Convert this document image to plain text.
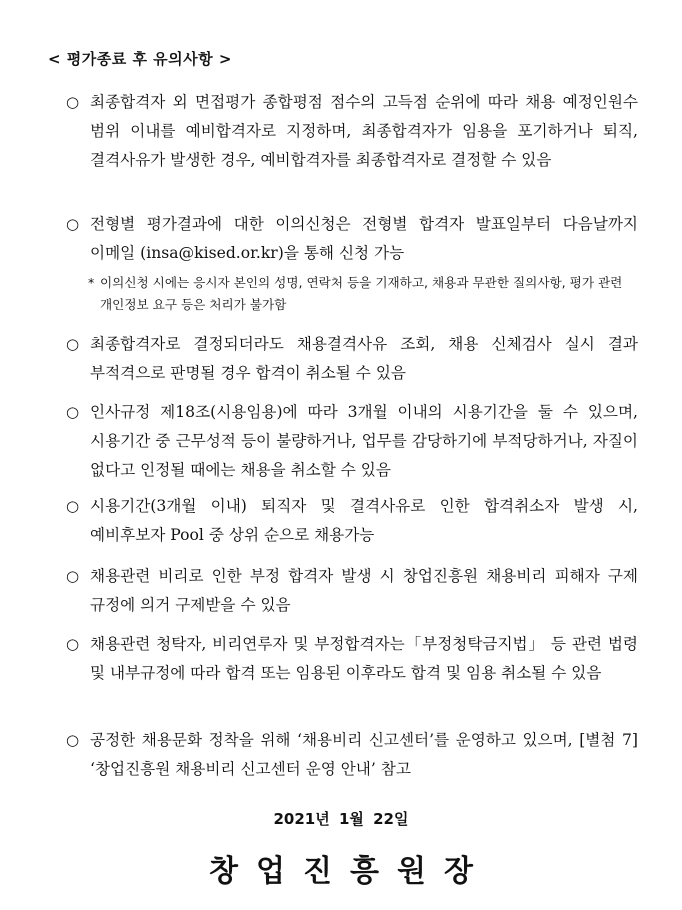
< 평가종료 후 유의사항 >
○ 최종합격자 외 면접평가 종합평점 점수의 고득점 순위에 따라 채용 예정인원수 범위 이내를 예비합격자로 지정하며, 최종합격자가 임용을 포기하거나 퇴직, 결격사유가 발생한 경우, 예비합격자를 최종합격자로 결정할 수 있음
○ 전형별 평가결과에 대한 이의신청은 전형별 합격자 발표일부터 다음날까지 이메일 (insa@kised.or.kr)을 통해 신청 가능
* 이의신청 시에는 응시자 본인의 성명, 연락처 등을 기재하고, 채용과 무관한 질의사항, 평가 관련 개인정보 요구 등은 처리가 불가함
○ 최종합격자로 결정되더라도 채용결격사유 조회, 채용 신체검사 실시 결과 부적격으로 판명될 경우 합격이 취소될 수 있음
○ 인사규정 제18조(시용임용)에 따라 3개월 이내의 시용기간을 둘 수 있으며, 시용기간 중 근무성적 등이 불량하거나, 업무를 감당하기에 부적당하거나, 자질이 없다고 인정될 때에는 채용을 취소할 수 있음
○ 시용기간(3개월 이내) 퇴직자 및 결격사유로 인한 합격취소자 발생 시, 예비후보자 Pool 중 상위 순으로 채용가능
○ 채용관련 비리로 인한 부정 합격자 발생 시 창업진흥원 채용비리 피해자 구제 규정에 의거 구제받을 수 있음
○ 채용관련 청탁자, 비리연루자 및 부정합격자는「부정청탁금지법」 등 관련 법령 및 내부규정에 따라 합격 또는 임용된 이후라도 합격 및 임용 취소될 수 있음
○ 공정한 채용문화 정착을 위해 ‘채용비리 신고센터’를 운영하고 있으며, [별첨 7] ‘창업진흥원 채용비리 신고센터 운영 안내’ 참고
2021년 1월 22일
창업진흥원장
